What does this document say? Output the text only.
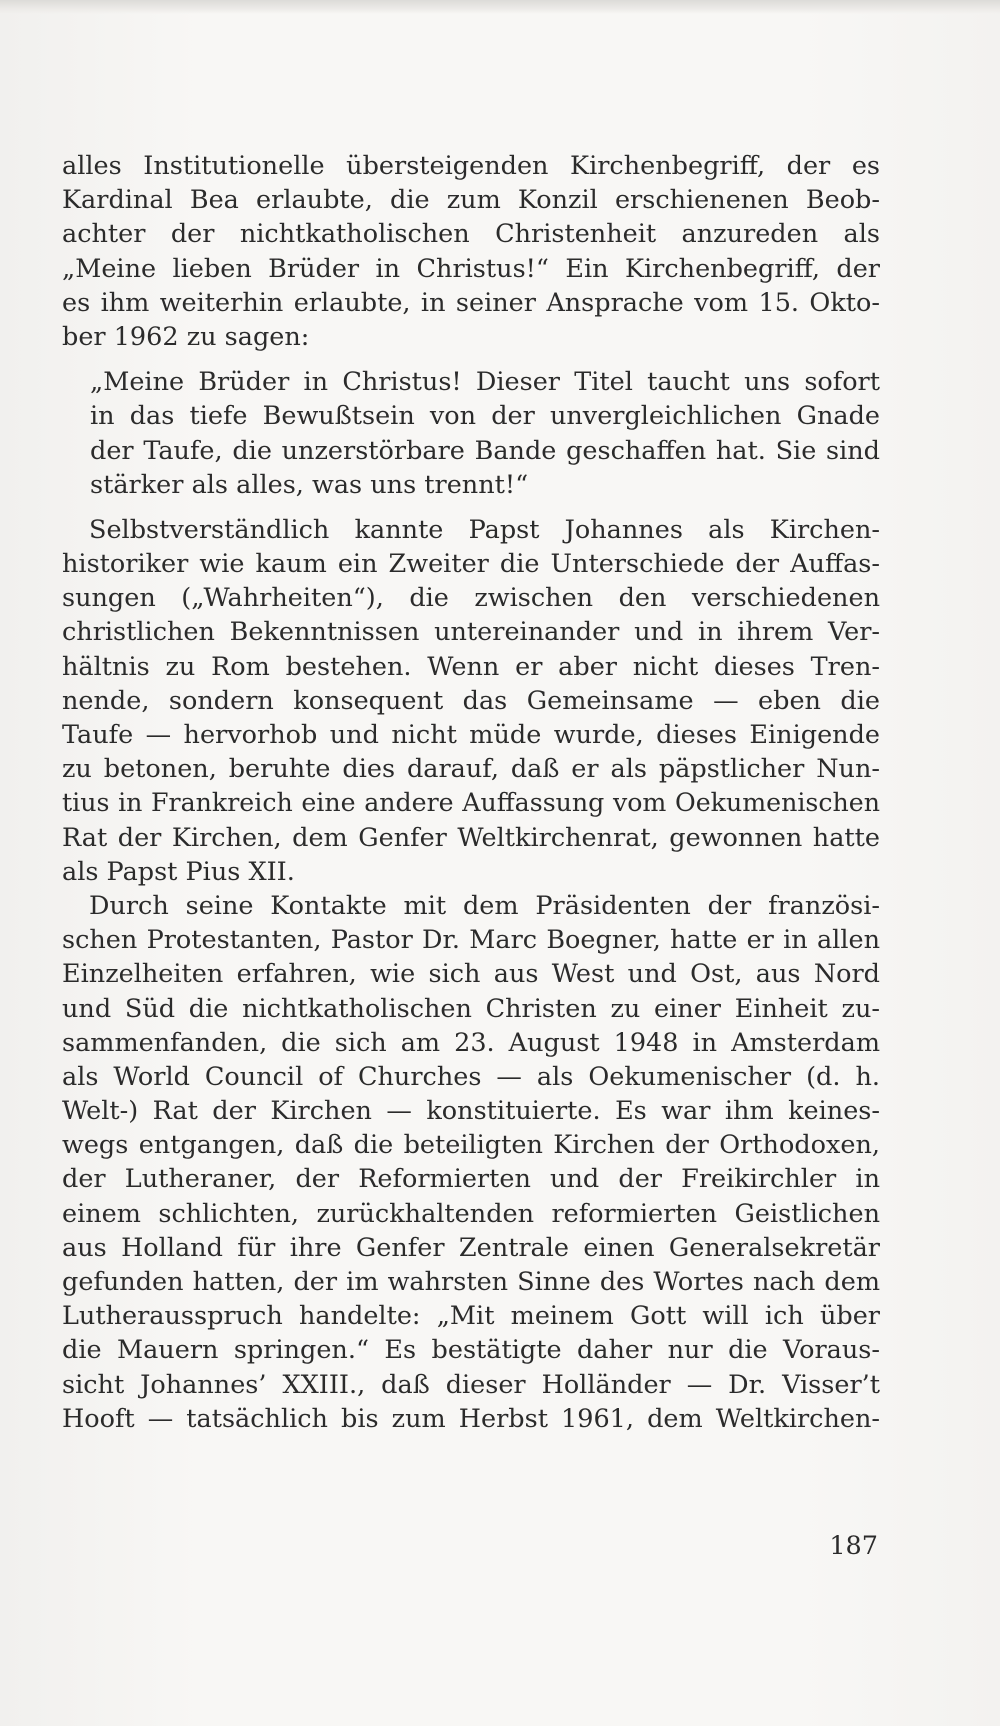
alles Institutionelle übersteigenden Kirchenbegriff, der es
Kardinal Bea erlaubte, die zum Konzil erschienenen Beob-
achter der nichtkatholischen Christenheit anzureden als
„Meine lieben Brüder in Christus!“ Ein Kirchenbegriff, der
es ihm weiterhin erlaubte, in seiner Ansprache vom 15. Okto-
ber 1962 zu sagen:
„Meine Brüder in Christus! Dieser Titel taucht uns sofort
in das tiefe Bewußtsein von der unvergleichlichen Gnade
der Taufe, die unzerstörbare Bande geschaffen hat. Sie sind
stärker als alles, was uns trennt!“
Selbstverständlich kannte Papst Johannes als Kirchen-
historiker wie kaum ein Zweiter die Unterschiede der Auffas-
sungen („Wahrheiten“), die zwischen den verschiedenen
christlichen Bekenntnissen untereinander und in ihrem Ver-
hältnis zu Rom bestehen. Wenn er aber nicht dieses Tren-
nende, sondern konsequent das Gemeinsame — eben die
Taufe — hervorhob und nicht müde wurde, dieses Einigende
zu betonen, beruhte dies darauf, daß er als päpstlicher Nun-
tius in Frankreich eine andere Auffassung vom Oekumenischen
Rat der Kirchen, dem Genfer Weltkirchenrat, gewonnen hatte
als Papst Pius XII.
Durch seine Kontakte mit dem Präsidenten der französi-
schen Protestanten, Pastor Dr. Marc Boegner, hatte er in allen
Einzelheiten erfahren, wie sich aus West und Ost, aus Nord
und Süd die nichtkatholischen Christen zu einer Einheit zu-
sammenfanden, die sich am 23. August 1948 in Amsterdam
als World Council of Churches — als Oekumenischer (d. h.
Welt-) Rat der Kirchen — konstituierte. Es war ihm keines-
wegs entgangen, daß die beteiligten Kirchen der Orthodoxen,
der Lutheraner, der Reformierten und der Freikirchler in
einem schlichten, zurückhaltenden reformierten Geistlichen
aus Holland für ihre Genfer Zentrale einen Generalsekretär
gefunden hatten, der im wahrsten Sinne des Wortes nach dem
Lutherausspruch handelte: „Mit meinem Gott will ich über
die Mauern springen.“ Es bestätigte daher nur die Voraus-
sicht Johannes’ XXIII., daß dieser Holländer — Dr. Visser’t
Hooft — tatsächlich bis zum Herbst 1961, dem Weltkirchen-
187
